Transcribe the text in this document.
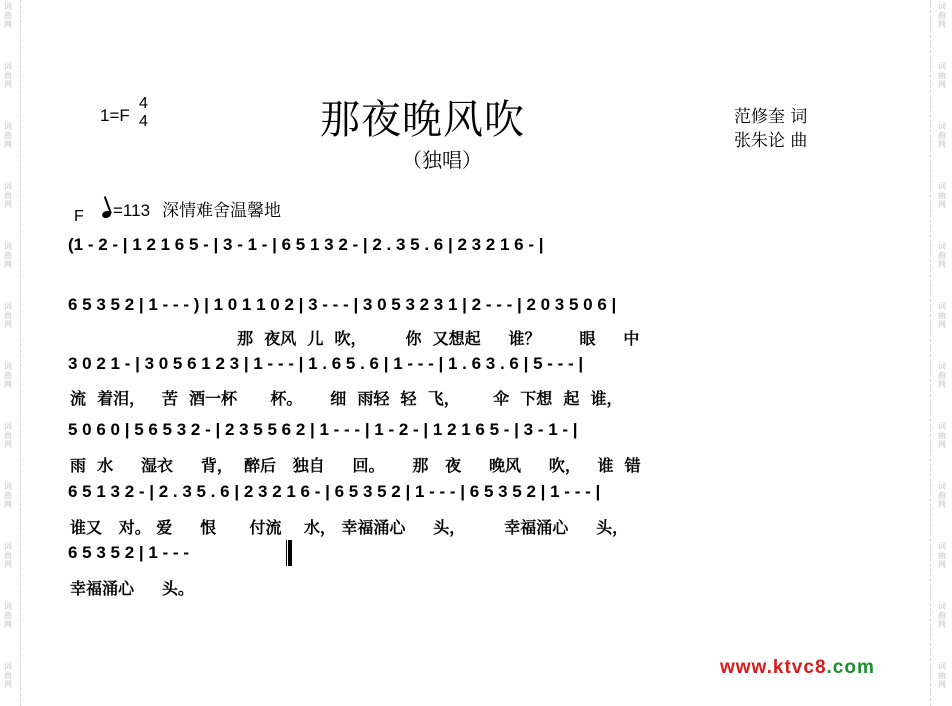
词
曲
网
词
曲
网
词
曲
网
词
曲
网
词
曲
网
词
曲
网
词
曲
网
词
曲
网
词
曲
网
词
曲
网
词
曲
网
词
曲
网
词
曲
网
词
曲
网
词
曲
网
词
曲
网
词
曲
网
词
曲
网
词
曲
网
词
曲
网
词
曲
网
词
曲
网
词
曲
网
词
曲
网
1=F
4
4	那夜晚风吹
（独唱）
范修奎 词
张朱论 曲
F	=113 深情难舍温馨地
(1 - 2 - | 1 2 1 6 5 - | 3 - 1 - | 6 5 1 3 2 - | 2 . 3 5 . 6 | 2 3 2 1 6 - |
6 5 3 5 2 | 1 - - - ) | 1 0 1 1 0 2 | 3 - - - | 3 0 5 3 2 3 1 | 2 - - - | 2 0 3 5 0 6 |
那  夜风  儿  吹，       你  又想起     谁？       眼     中
3 0 2 1 - | 3 0 5 6 1 2 3 | 1 - - - | 1 . 6 5 . 6 | 1 - - - | 1 . 6 3 . 6 | 5 - - - |
流  着泪，   苦  酒一杯      杯。     细  雨轻  轻  飞，      伞  下想  起  谁，
5 0 6 0 | 5 6 5 3 2 - | 2 3 5 5 6 2 | 1 - - - | 1 - 2 - | 1 2 1 6 5 - | 3 - 1 - |
雨  水     湿衣     背，  醉后   独自     回。     那   夜     晚风     吹，   谁  错
6 5 1 3 2 - | 2 . 3 5 . 6 | 2 3 2 1 6 - | 6 5 3 5 2 | 1 - - - | 6 5 3 5 2 | 1 - - - |
谁又   对。 爱     恨      付流    水， 幸福涌心     头，       幸福涌心     头，
6 5 3 5 2 | 1 - - -
幸福涌心     头。
www.ktvc8.com
